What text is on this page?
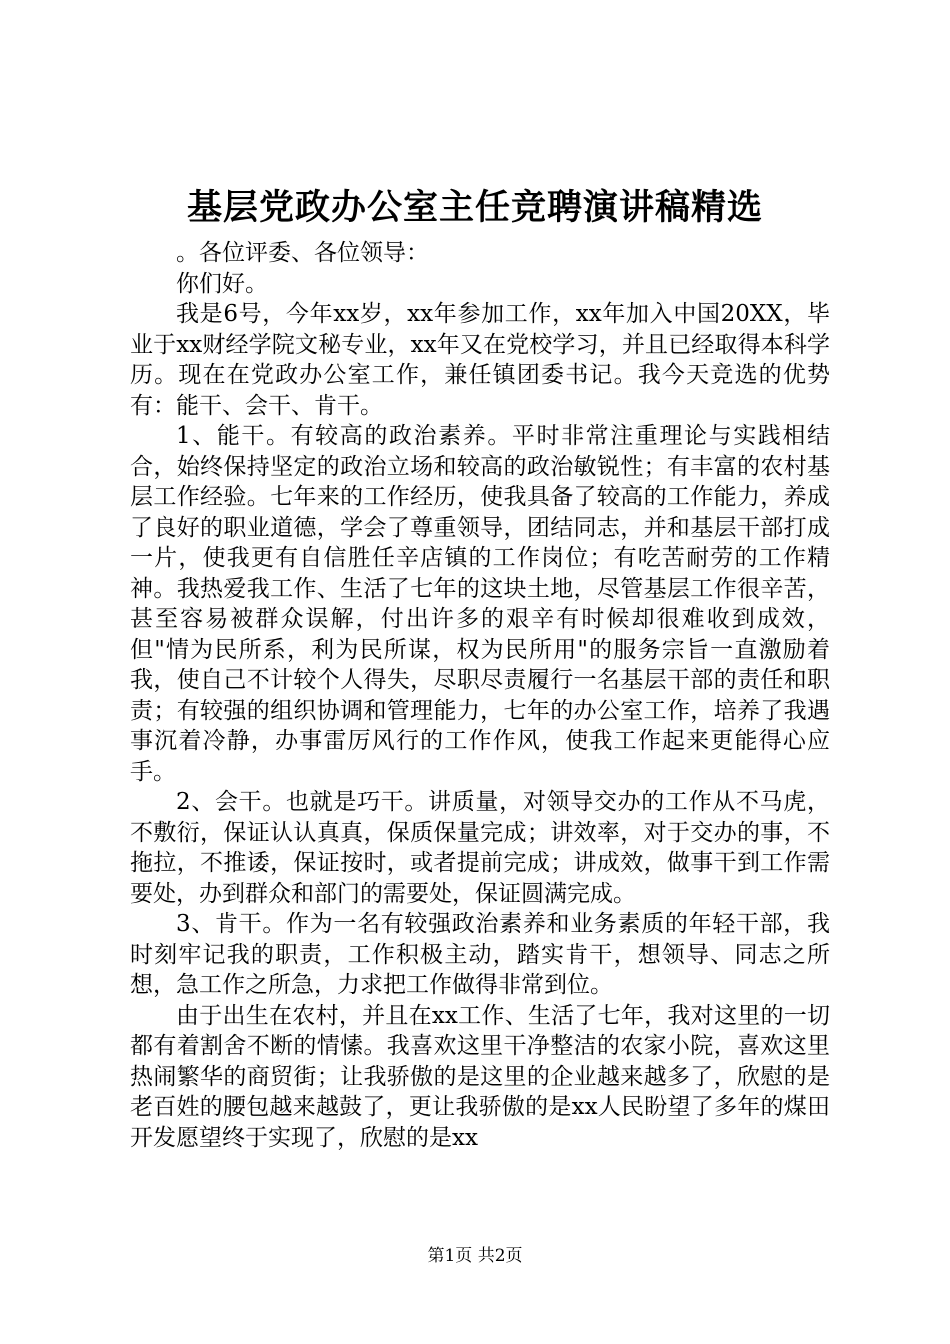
基层党政办公室主任竞聘演讲稿精选

。各位评委、各位领导：

你们好。

我是6号，今年xx岁，xx年参加工作，xx年加入中国20XX，毕业于xx财经学院文秘专业，xx年又在党校学习，并且已经取得本科学历。现在在党政办公室工作，兼任镇团委书记。我今天竞选的优势有：能干、会干、肯干。

1、能干。有较高的政治素养。平时非常注重理论与实践相结合，始终保持坚定的政治立场和较高的政治敏锐性；有丰富的农村基层工作经验。七年来的工作经历，使我具备了较高的工作能力，养成了良好的职业道德，学会了尊重领导，团结同志，并和基层干部打成一片，使我更有自信胜任辛店镇的工作岗位；有吃苦耐劳的工作精神。我热爱我工作、生活了七年的这块土地，尽管基层工作很辛苦，甚至容易被群众误解，付出许多的艰辛有时候却很难收到成效，但"情为民所系，利为民所谋，权为民所用"的服务宗旨一直激励着我，使自己不计较个人得失，尽职尽责履行一名基层干部的责任和职责；有较强的组织协调和管理能力，七年的办公室工作，培养了我遇事沉着冷静，办事雷厉风行的工作作风，使我工作起来更能得心应手。

2、会干。也就是巧干。讲质量，对领导交办的工作从不马虎，不敷衍，保证认认真真，保质保量完成；讲效率，对于交办的事，不拖拉，不推诿，保证按时，或者提前完成；讲成效，做事干到工作需要处，办到群众和部门的需要处，保证圆满完成。

3、肯干。作为一名有较强政治素养和业务素质的年轻干部，我时刻牢记我的职责，工作积极主动，踏实肯干，想领导、同志之所想，急工作之所急，力求把工作做得非常到位。

由于出生在农村，并且在xx工作、生活了七年，我对这里的一切都有着割舍不断的情愫。我喜欢这里干净整洁的农家小院，喜欢这里热闹繁华的商贸街；让我骄傲的是这里的企业越来越多了，欣慰的是老百姓的腰包越来越鼓了，更让我骄傲的是xx人民盼望了多年的煤田开发愿望终于实现了，欣慰的是xx

第1页 共2页
